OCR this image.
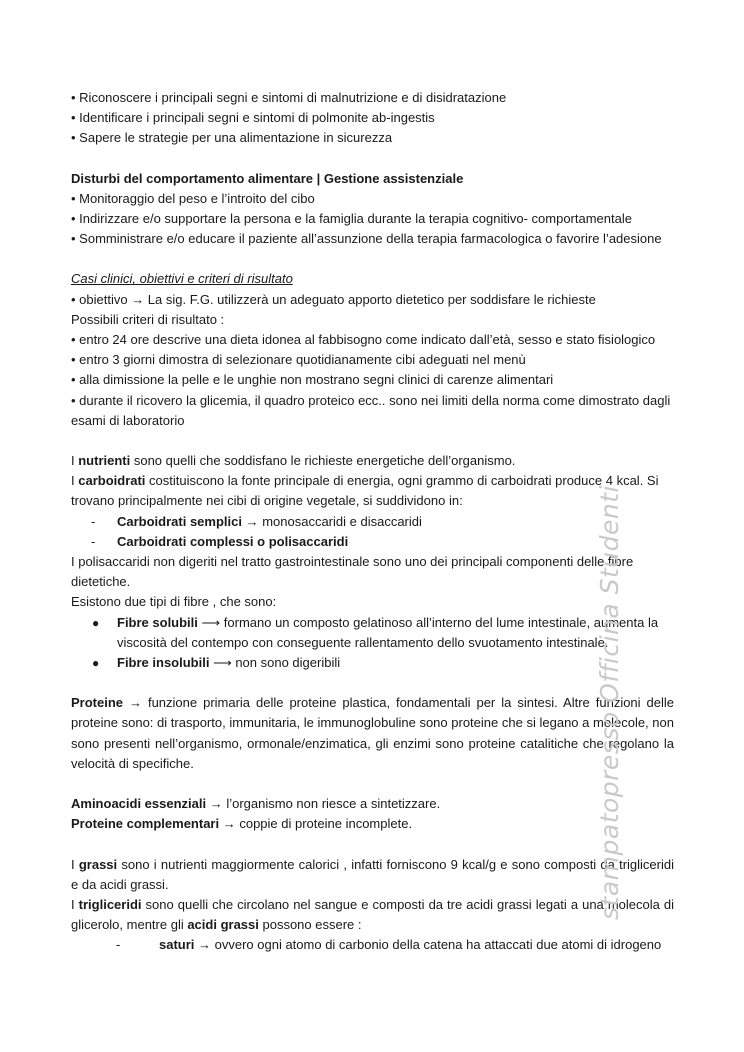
• Riconoscere i principali segni e sintomi di malnutrizione e di disidratazione

• Identificare i principali segni e sintomi di polmonite ab-ingestis

• Sapere le strategie per una alimentazione in sicurezza

Disturbi del comportamento alimentare | Gestione assistenziale

• Monitoraggio del peso e l’introito del cibo

• Indirizzare e/o supportare la persona e la famiglia durante la terapia cognitivo- comportamentale

• Somministrare e/o educare il paziente all’assunzione della terapia farmacologica o favorire l’adesione

Casi clinici, obiettivi e criteri di risultato

• obiettivo → La sig. F.G. utilizzerà un adeguato apporto dietetico per soddisfare le richieste

Possibili criteri di risultato :

• entro 24 ore descrive una dieta idonea al fabbisogno come indicato dall’età, sesso e stato fisiologico

• entro 3 giorni dimostra di selezionare quotidianamente cibi adeguati nel menù

• alla dimissione la pelle e le unghie non mostrano segni clinici di carenze alimentari

• durante il ricovero la glicemia, il quadro proteico ecc.. sono nei limiti della norma come dimostrato dagli esami di laboratorio

I nutrienti sono quelli che soddisfano le richieste energetiche dell’organismo.

I carboidrati costituiscono la fonte principale di energia, ogni grammo di carboidrati produce 4 kcal. Si trovano principalmente nei cibi di origine vegetale, si suddividono in:

- Carboidrati semplici → monosaccaridi e disaccaridi

- Carboidrati complessi o polisaccaridi

I polisaccaridi non digeriti nel tratto gastrointestinale sono uno dei principali componenti delle fibre dietetiche.

Esistono due tipi di fibre , che sono:

● Fibre solubili ⟶ formano un composto gelatinoso all’interno del lume intestinale, aumenta la viscosità del contempo con conseguente rallentamento dello svuotamento intestinale.

● Fibre insolubili ⟶ non sono digeribili

Proteine → funzione primaria delle proteine plastica, fondamentali per la sintesi. Altre funzioni delle proteine sono: di trasporto, immunitaria, le immunoglobuline sono proteine che si legano a molecole, non sono presenti nell’organismo, ormonale/enzimatica, gli enzimi sono proteine catalitiche che regolano la velocità di specifiche.

Aminoacidi essenziali → l’organismo non riesce a sintetizzare.

Proteine complementari → coppie di proteine incomplete.

I grassi sono i nutrienti maggiormente calorici , infatti forniscono 9 kcal/g e sono composti da trigliceridi e da acidi grassi.

I trigliceridi sono quelli che circolano nel sangue e composti da tre acidi grassi legati a una molecola di glicerolo, mentre gli acidi grassi possono essere :

-	saturi → ovvero ogni atomo di carbonio della catena ha attaccati due atomi di idrogeno

stampatopresso Officina Studenti
